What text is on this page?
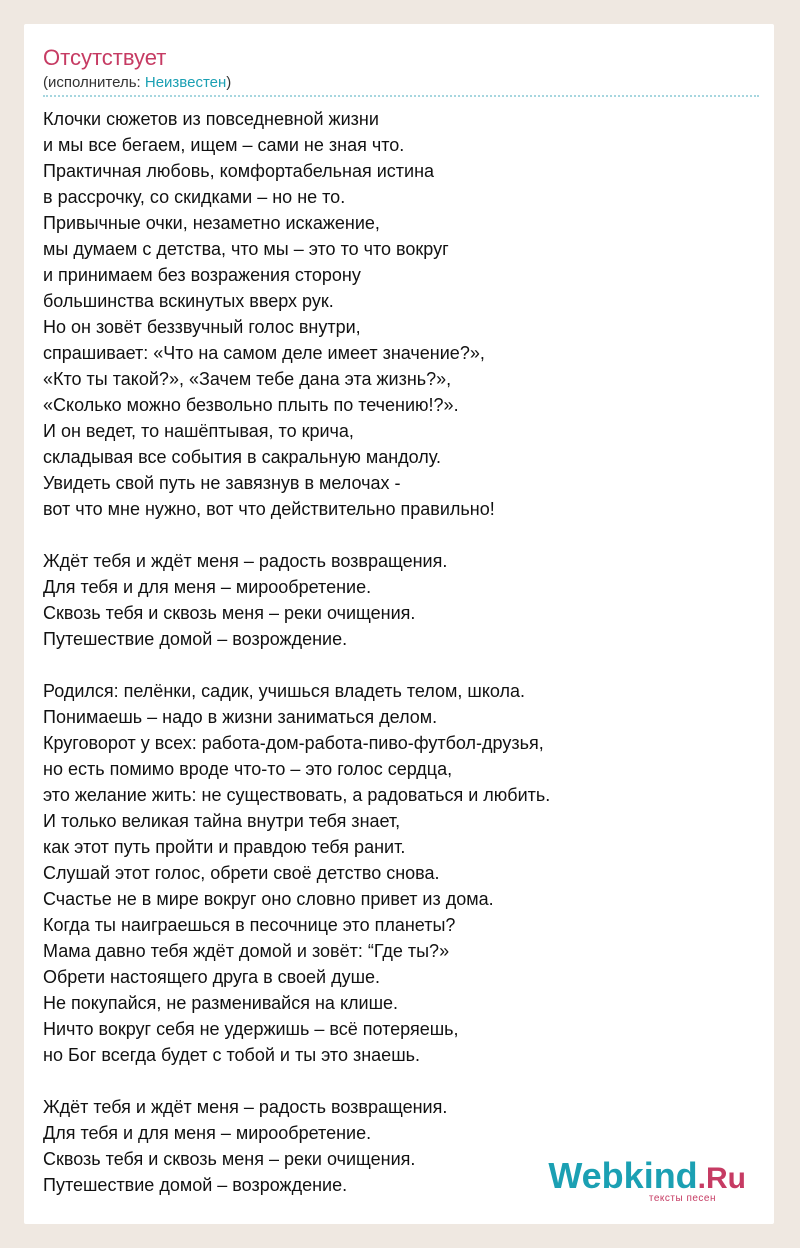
Отсутствует
(исполнитель: Неизвестен)
Клочки сюжетов из повседневной жизни
и мы все бегаем, ищем – сами не зная что.
Практичная любовь, комфортабельная истина
в рассрочку, со скидками – но не то.
Привычные очки, незаметно искажение,
мы думаем с детства, что мы – это то что вокруг
и принимаем без возражения сторону
большинства вскинутых вверх рук.
Но он зовёт беззвучный голос внутри,
спрашивает: «Что на самом деле имеет значение?»,
«Кто ты такой?», «Зачем тебе дана эта жизнь?»,
«Сколько можно безвольно плыть по течению!?».
И он ведет, то нашёптывая, то крича,
складывая все события в сакральную мандолу.
Увидеть свой путь не завязнув в мелочах -
вот что мне нужно, вот что действительно правильно!
Ждёт тебя и ждёт меня – радость возвращения.
Для тебя и для меня – мирообретение.
Сквозь тебя и сквозь меня – реки очищения.
Путешествие домой – возрождение.
Родился: пелёнки, садик, учишься владеть телом, школа.
Понимаешь – надо в жизни заниматься делом.
Круговорот у всех: работа-дом-работа-пиво-футбол-друзья,
но есть помимо вроде что-то – это голос сердца,
это желание жить: не существовать, а радоваться и любить.
И только великая тайна внутри тебя знает,
как этот путь пройти и правдою тебя ранит.
Слушай этот голос, обрети своё детство снова.
Счастье не в мире вокруг оно словно привет из дома.
Когда ты наиграешься в песочнице это планеты?
Мама давно тебя ждёт домой и зовёт: “Где ты?»
Обрети настоящего друга в своей душе.
Не покупайся, не разменивайся на клише.
Ничто вокруг себя не удержишь – всё потеряешь,
но Бог всегда будет с тобой и ты это знаешь.
Ждёт тебя и ждёт меня – радость возвращения.
Для тебя и для меня – мирообретение.
Сквозь тебя и сквозь меня – реки очищения.
Путешествие домой – возрождение.	Webkind.Ru
тексты песен
